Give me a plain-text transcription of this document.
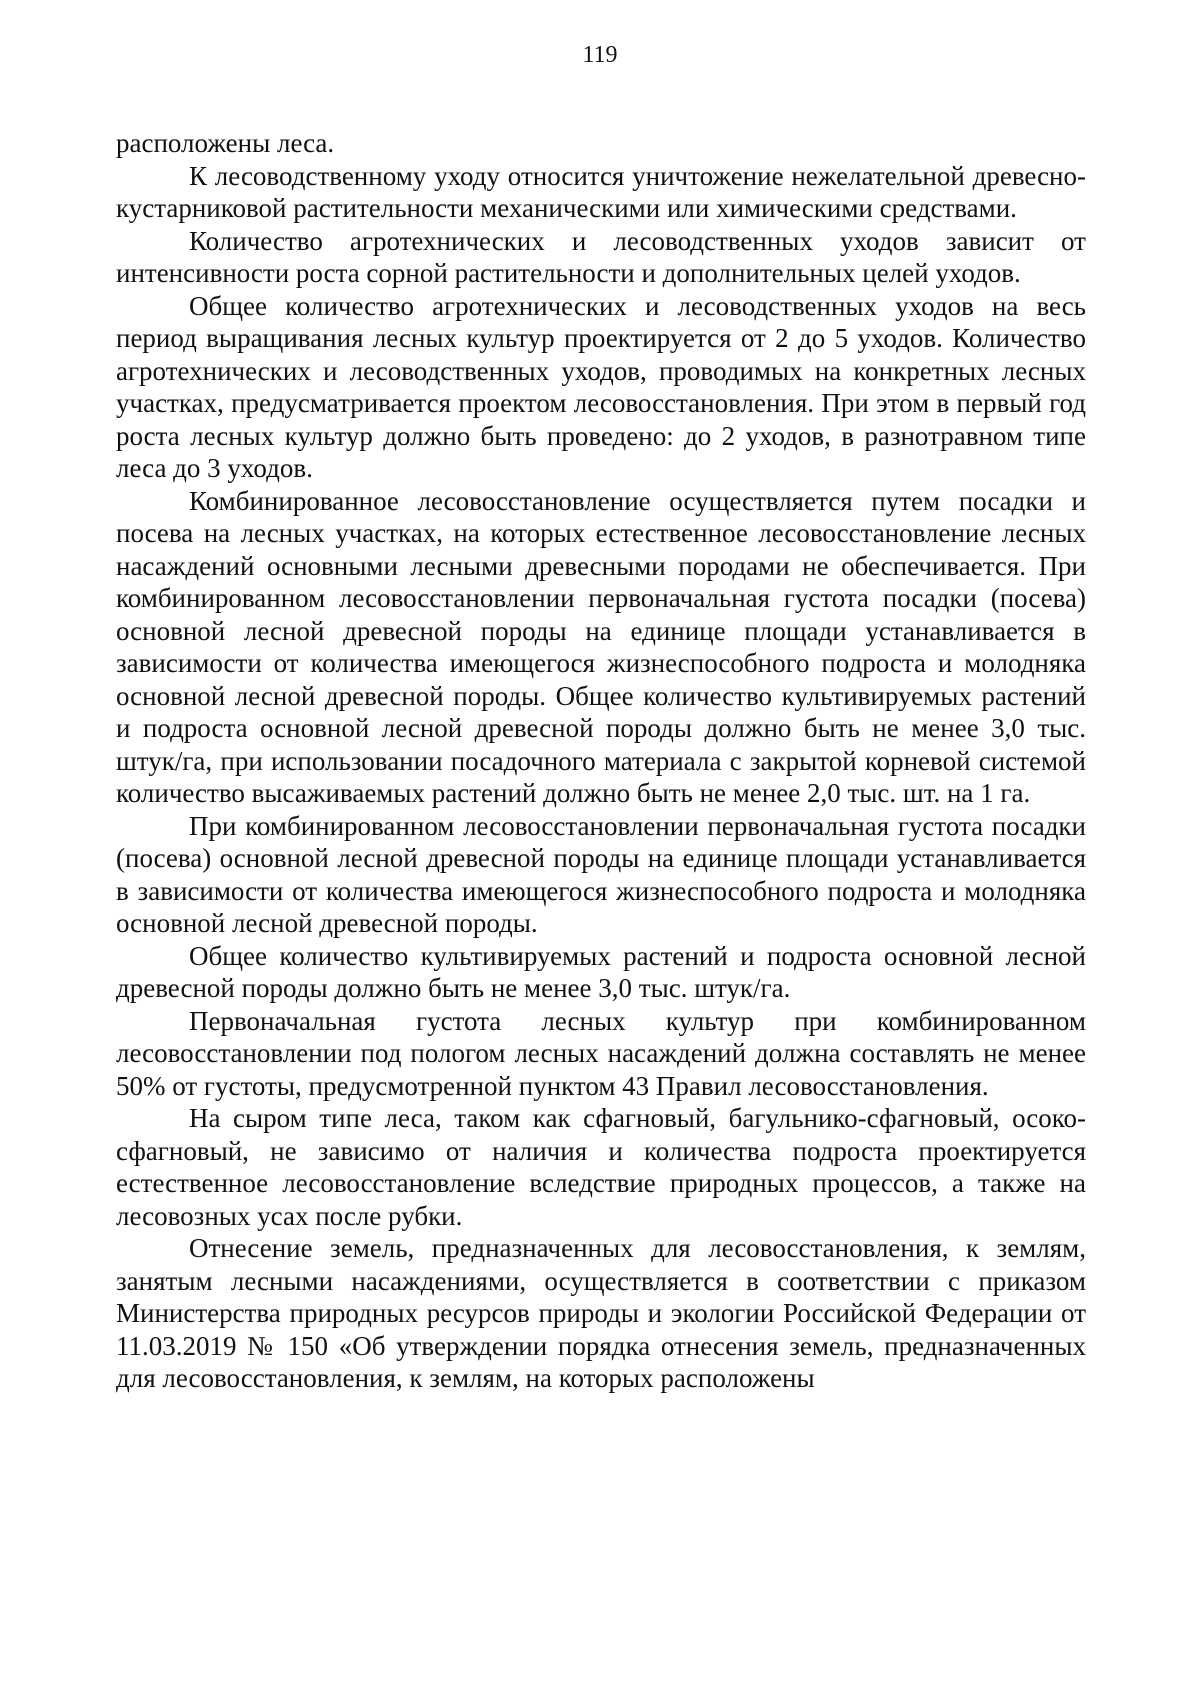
119

расположены леса.

К лесоводственному уходу относится уничтожение нежелательной древесно-кустарниковой растительности механическими или химическими средствами.

Количество агротехнических и лесоводственных уходов зависит от интенсивности роста сорной растительности и дополнительных целей уходов.

Общее количество агротехнических и лесоводственных уходов на весь период выращивания лесных культур проектируется от 2 до 5 уходов. Количество агротехнических и лесоводственных уходов, проводимых на конкретных лесных участках, предусматривается проектом лесовосстановления. При этом в первый год роста лесных культур должно быть проведено: до 2 уходов, в разнотравном типе леса до 3 уходов.

Комбинированное лесовосстановление осуществляется путем посадки и посева на лесных участках, на которых естественное лесовосстановление лесных насаждений основными лесными древесными породами не обеспечивается. При комбинированном лесовосстановлении первоначальная густота посадки (посева) основной лесной древесной породы на единице площади устанавливается в зависимости от количества имеющегося жизнеспособного подроста и молодняка основной лесной древесной породы. Общее количество культивируемых растений и подроста основной лесной древесной породы должно быть не менее 3,0 тыс. штук/га, при использовании посадочного материала с закрытой корневой системой количество высаживаемых растений должно быть не менее 2,0 тыс. шт. на 1 га.

При комбинированном лесовосстановлении первоначальная густота посадки (посева) основной лесной древесной породы на единице площади устанавливается в зависимости от количества имеющегося жизнеспособного подроста и молодняка основной лесной древесной породы.

Общее количество культивируемых растений и подроста основной лесной древесной породы должно быть не менее 3,0 тыс. штук/га.

Первоначальная густота лесных культур при комбинированном лесовосстановлении под пологом лесных насаждений должна составлять не менее 50% от густоты, предусмотренной пунктом 43 Правил лесовосстановления.

На сыром типе леса, таком как сфагновый, багульнико-сфагновый, осоко-сфагновый, не зависимо от наличия и количества подроста проектируется естественное лесовосстановление вследствие природных процессов, а также на лесовозных усах после рубки.

Отнесение земель, предназначенных для лесовосстановления, к землям, занятым лесными насаждениями, осуществляется в соответствии с приказом Министерства природных ресурсов природы и экологии Российской Федерации от 11.03.2019 № 150 «Об утверждении порядка отнесения земель, предназначенных для лесовосстановления, к землям, на которых расположены
